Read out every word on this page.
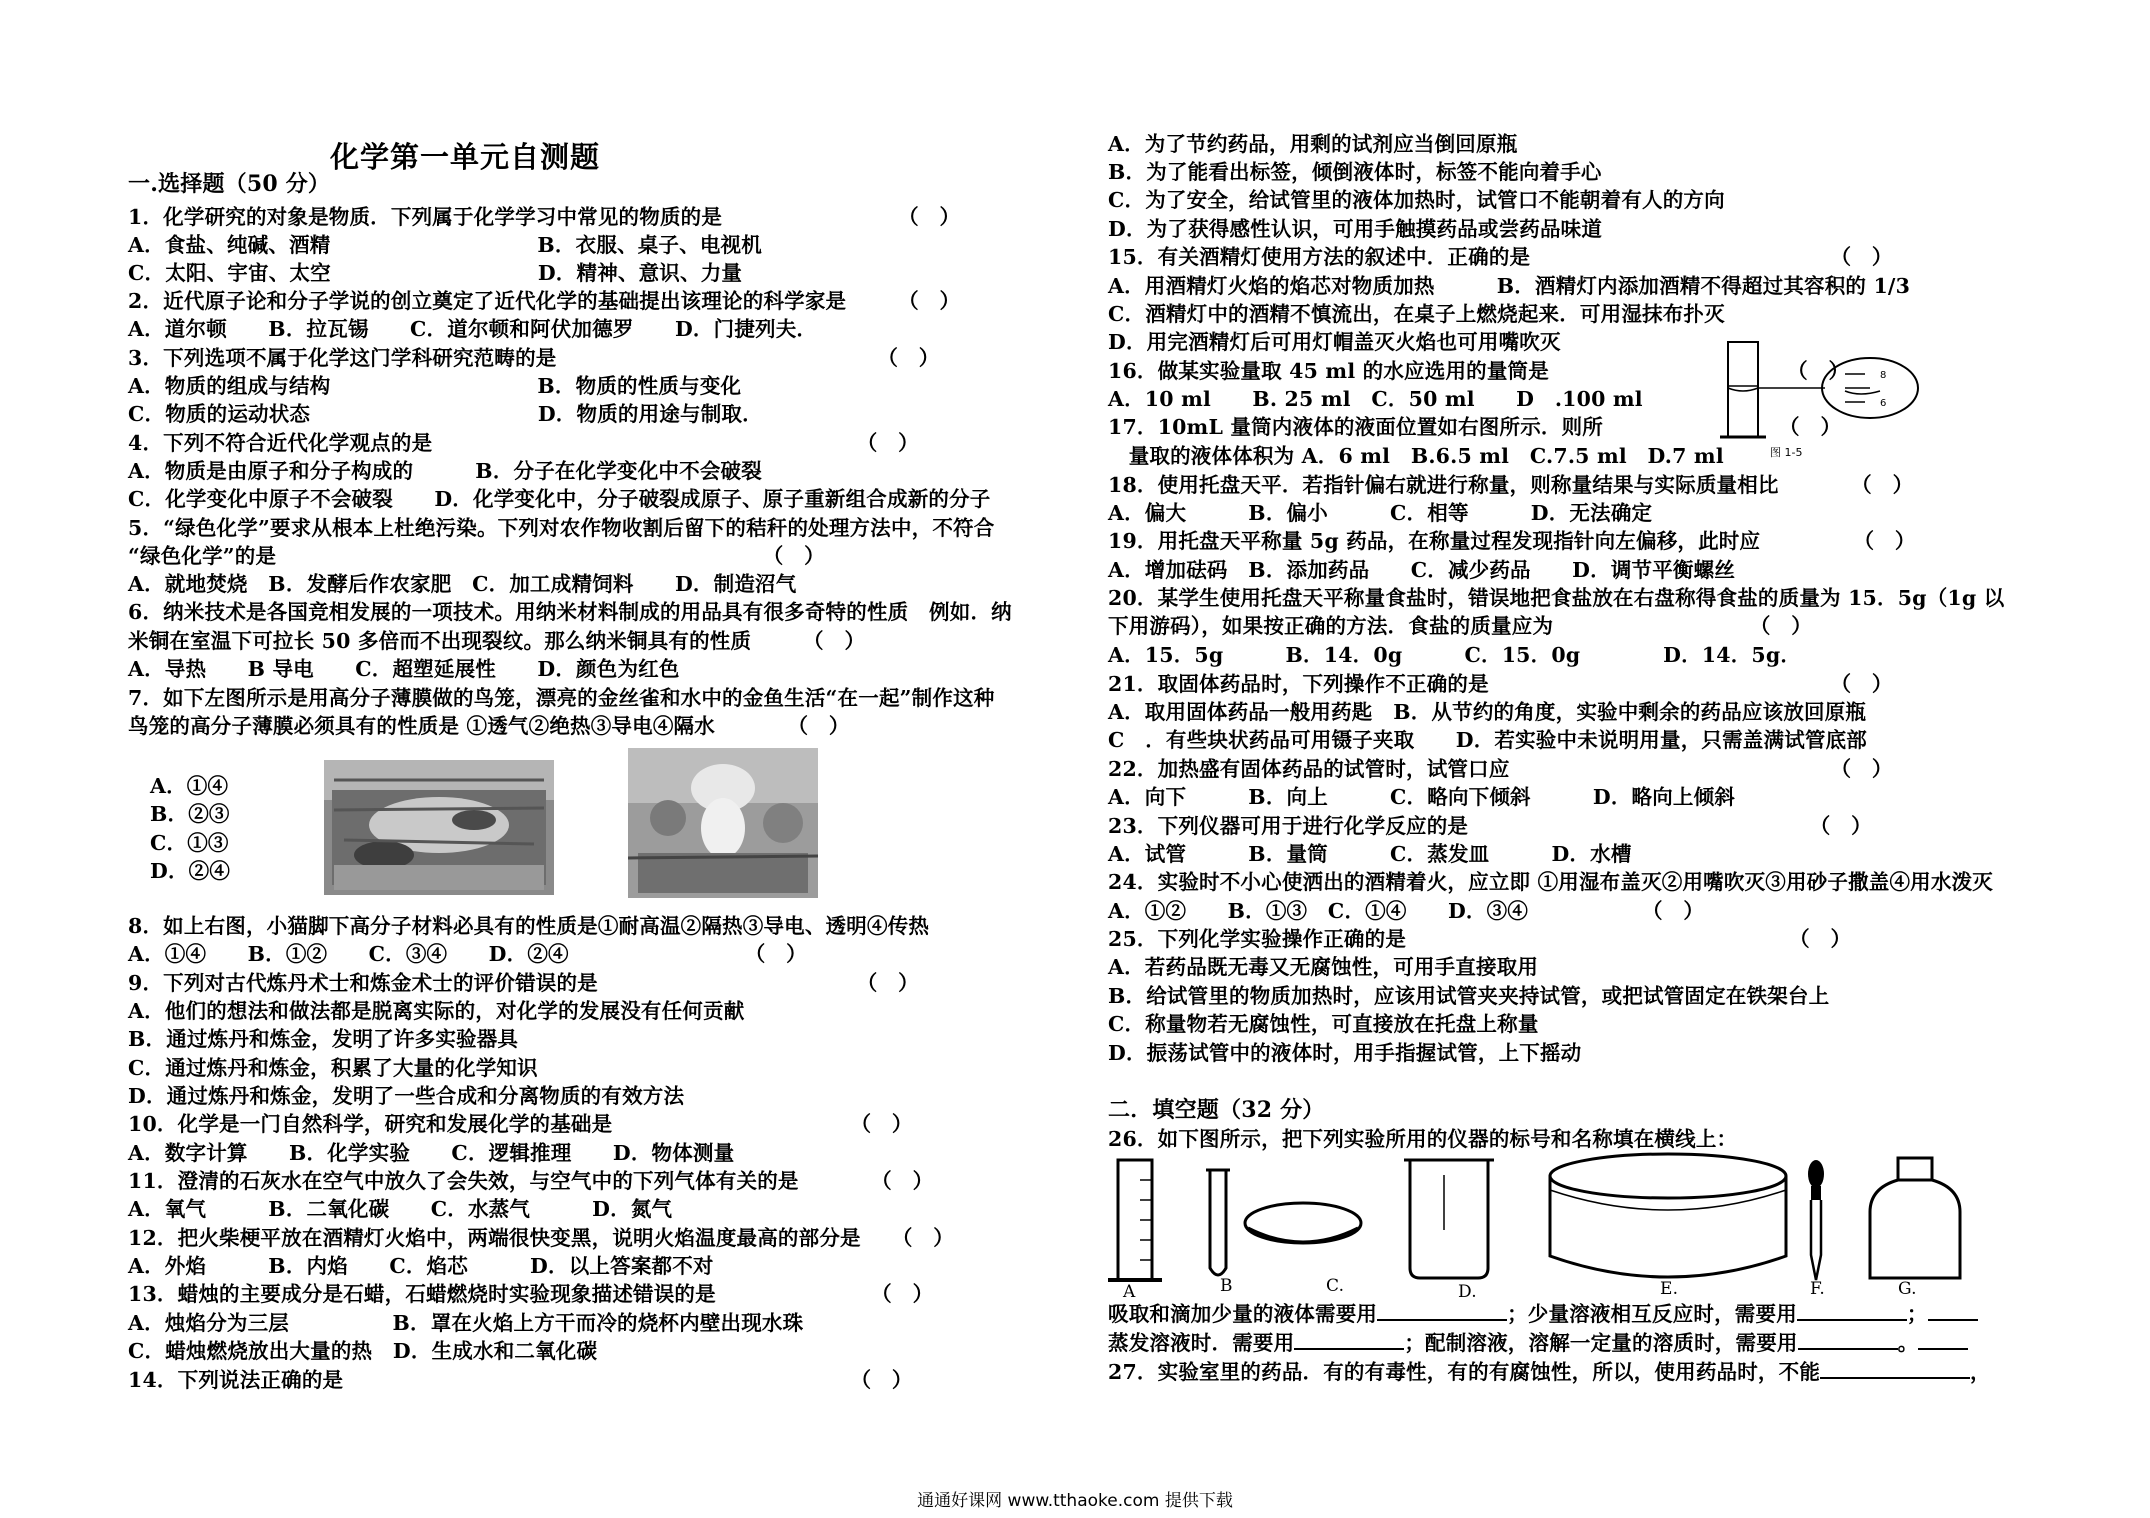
化学第一单元自测题
一.选择题（50 分）
1．化学研究的对象是物质．下列属于化学学习中常见的物质的是　　　　　　　　　（　）
A．食盐、纯碱、酒精　　　　　　　　　　B．衣服、桌子、电视机
C．太阳、宇宙、太空　　　　　　　　　　D．精神、意识、力量
2．近代原子论和分子学说的创立奠定了近代化学的基础提出该理论的科学家是　　　（　）
A．道尔顿　　B．拉瓦锡　　C．道尔顿和阿伏加德罗　　D．门捷列夫．
3．下列选项不属于化学这门学科研究范畴的是　　　　　　　　　　　　　　　　（　）
A．物质的组成与结构　　　　　　　　　　B．物质的性质与变化
C．物质的运动状态　　　　　　　　　　　D．物质的用途与制取．
4．下列不符合近代化学观点的是　　　　　　　　　　　　　　　　　　　　　（　）
A．物质是由原子和分子构成的　　　B．分子在化学变化中不会破裂
C．化学变化中原子不会破裂　　D．化学变化中，分子破裂成原子、原子重新组合成新的分子
5．“绿色化学”要求从根本上杜绝污染。下列对农作物收割后留下的秸秆的处理方法中，不符合
“绿色化学”的是　　　　　　　　　　　　　　　　　　　　　　　　（　）
A．就地焚烧　B．发酵后作农家肥　C．加工成精饲料　　D．制造沼气
6．纳米技术是各国竞相发展的一项技术。用纳米材料制成的用品具有很多奇特的性质　例如．纳
米铜在室温下可拉长 50 多倍而不出现裂纹。那么纳米铜具有的性质　　　（　）
A．导热　　B 导电　　C．超塑延展性　　D．颜色为红色
7．如下左图所示是用高分子薄膜做的鸟笼，漂亮的金丝雀和水中的金鱼生活“在一起”制作这种
鸟笼的高分子薄膜必须具有的性质是 ①透气②绝热③导电④隔水　　　　（　）
A．①④
B．②③
C．①③
D．②④
8．如上右图，小猫脚下高分子材料必具有的性质是①耐高温②隔热③导电、透明④传热
A．①④　　B．①②　　C．③④　　D．②④　　　　　　　　　（　）
9．下列对古代炼丹术士和炼金术士的评价错误的是　　　　　　　　　　　　　（　）
A．他们的想法和做法都是脱离实际的，对化学的发展没有任何贡献
B．通过炼丹和炼金，发明了许多实验器具
C．通过炼丹和炼金，积累了大量的化学知识
D．通过炼丹和炼金，发明了一些合成和分离物质的有效方法
10．化学是一门自然科学，研究和发展化学的基础是　　　　　　　　　　　　（　）
A．数字计算　　B．化学实验　　C．逻辑推理　　D．物体测量
11．澄清的石灰水在空气中放久了会失效，与空气中的下列气体有关的是　　　　（　）
A．氧气　　　B．二氧化碳　　C．水蒸气　　　D．氮气
12．把火柴梗平放在酒精灯火焰中，两端很快变黑，说明火焰温度最高的部分是　　（　）
A．外焰　　　B．内焰　　C．焰芯　　　D．以上答案都不对
13．蜡烛的主要成分是石蜡，石蜡燃烧时实验现象描述错误的是　　　　　　　　（　）
A．烛焰分为三层　　　　　B．罩在火焰上方干而冷的烧杯内壁出现水珠
C．蜡烛燃烧放出大量的热　D．生成水和二氧化碳
14．下列说法正确的是　　　　　　　　　　　　　　　　　　　　　　　　　（　）
A．为了节约药品，用剩的试剂应当倒回原瓶
B．为了能看出标签，倾倒液体时，标签不能向着手心
C．为了安全，给试管里的液体加热时，试管口不能朝着有人的方向
D．为了获得感性认识，可用手触摸药品或尝药品味道
15．有关酒精灯使用方法的叙述中．正确的是　　　　　　　　　　　　　　　（　）
A．用酒精灯火焰的焰芯对物质加热　　　B．酒精灯内添加酒精不得超过其容积的 1/3
C．酒精灯中的酒精不慎流出，在桌子上燃烧起来．可用湿抹布扑灭
D．用完酒精灯后可用灯帽盖灭火焰也可用嘴吹灭
16．做某实验量取 45 ml 的水应选用的量筒是　　　　　　　　　　　　（　）
A．10 ml　　B. 25 ml　C．50 ml　　D　.100 ml
17．10mL 量筒内液体的液面位置如右图所示．则所　　　　　　　　　（　）
　量取的液体体积为 A．6 ml　B.6.5 ml　C.7.5 ml　D.7 ml
8
6
图 1-5
18．使用托盘天平．若指针偏右就进行称量，则称量结果与实际质量相比　　　　（　）
A．偏大　　　B．偏小　　　C．相等　　　D．无法确定
19．用托盘天平称量 5g 药品，在称量过程发现指针向左偏移，此时应　　　　　（　）
A．增加砝码　B．添加药品　　C．减少药品　　D．调节平衡螺丝
20．某学生使用托盘天平称量食盐时，错误地把食盐放在右盘称得食盐的质量为 15．5g（1g 以
下用游码），如果按正确的方法．食盐的质量应为　　　　　　　　　　（　）
A．15．5g　　　B．14．0g　　　C．15．0g　　　　D．14．5g．
21．取固体药品时，下列操作不正确的是　　　　　　　　　　　　　　　　　（　）
A．取用固体药品一般用药匙　B．从节约的角度，实验中剩余的药品应该放回原瓶
C　．有些块状药品可用镊子夹取　　D．若实验中未说明用量，只需盖满试管底部
22．加热盛有固体药品的试管时，试管口应　　　　　　　　　　　　　　　　（　）
A．向下　　　B．向上　　　C．略向下倾斜　　　D．略向上倾斜
23．下列仪器可用于进行化学反应的是　　　　　　　　　　　　　　　　　（　）
A．试管　　　B．量筒　　　C．蒸发皿　　　D．水槽
24．实验时不小心使洒出的酒精着火，应立即 ①用湿布盖灭②用嘴吹灭③用砂子撒盖④用水泼灭
A．①②　　B．①③　C．①④　　D．③④　　　　　　（　）
25．下列化学实验操作正确的是　　　　　　　　　　　　　　　　　　　（　）
A．若药品既无毒又无腐蚀性，可用手直接取用
B．给试管里的物质加热时，应该用试管夹夹持试管，或把试管固定在铁架台上
C．称量物若无腐蚀性，可直接放在托盘上称量
D．振荡试管中的液体时，用手指握试管，上下摇动
二．填空题（32 分）
26．如下图所示，把下列实验所用的仪器的标号和名称填在横线上：
A	B	C.	D.	E.	F.	G.
吸取和滴加少量的液体需要用	；少量溶液相互反应时，需要用	；
蒸发溶液时．需要用	；配制溶液，溶解一定量的溶质时，需要用	。
27．实验室里的药品．有的有毒性，有的有腐蚀性，所以，使用药品时，不能	，
通通好课网 www.tthaoke.com 提供下载
